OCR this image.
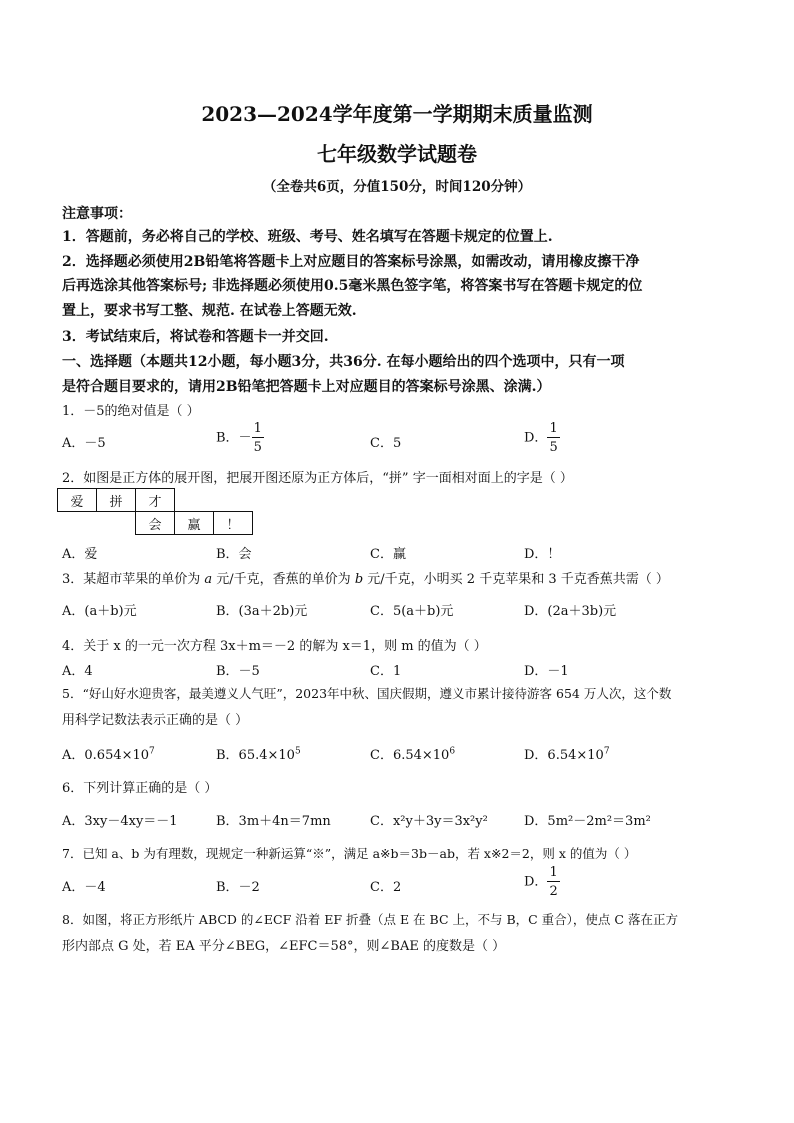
2023—2024学年度第一学期期末质量监测
七年级数学试题卷
（全卷共6页，分值150分，时间120分钟）
注意事项：
1．答题前，务必将自己的学校、班级、考号、姓名填写在答题卡规定的位置上.
2．选择题必须使用2B铅笔将答题卡上对应题目的答案标号涂黑，如需改动，请用橡皮擦干净
后再选涂其他答案标号; 非选择题必须使用0.5毫米黑色签字笔，将答案书写在答题卡规定的位
置上，要求书写工整、规范. 在试卷上答题无效.
3．考试结束后，将试卷和答题卡一并交回.
一、选择题（本题共12小题，每小题3分，共36分. 在每小题给出的四个选项中，只有一项
是符合题目要求的，请用2B铅笔把答题卡上对应题目的答案标号涂黑、涂满.）
1．－5的绝对值是（ ）
A．－5	B．－ $\frac{1}{5}$	C．5	D． $\frac{1}{5}$
2．如图是正方体的展开图，把展开图还原为正方体后，“拼” 字一面相对面上的字是（ ）
爱	拼	才		
		会	赢	！
A．爱	B．会	C．赢	D．！
3．某超市苹果的单价为 a 元/千克，香蕉的单价为 b 元/千克，小明买 2 千克苹果和 3 千克香蕉共需（ ）
A．(a＋b)元	B．(3a＋2b)元	C．5(a＋b)元	D．(2a＋3b)元
4．关于 x 的一元一次方程 3x＋m＝－2 的解为 x＝1，则 m 的值为（ ）
A．4	B．－5	C．1	D．－1
5．“好山好水迎贵客，最美遵义人气旺”，2023年中秋、国庆假期，遵义市累计接待游客 654 万人次，这个数
用科学记数法表示正确的是（ ）
A．$0.654\times 10^7$	B．$65.4\times 10^5$	C．$6.54\times 10^6$	D．$6.54\times 10^7$
6．下列计算正确的是（ ）
A．3xy－4xy＝－1	B．3m＋4n＝7mn	C．x²y＋3y＝3x²y²	D．5m²－2m²＝3m²
7．已知 a、b 为有理数，现规定一种新运算“※”，满足 a※b＝3b－ab，若 x※2＝2，则 x 的值为（ ）
A．－4	B．－2	C．2	D． $\frac{1}{2}$
8．如图，将正方形纸片 ABCD 的∠ECF 沿着 EF 折叠（点 E 在 BC 上，不与 B，C 重合），使点 C 落在正方
形内部点 G 处，若 EA 平分∠BEG，∠EFC＝58°，则∠BAE 的度数是（ ）
